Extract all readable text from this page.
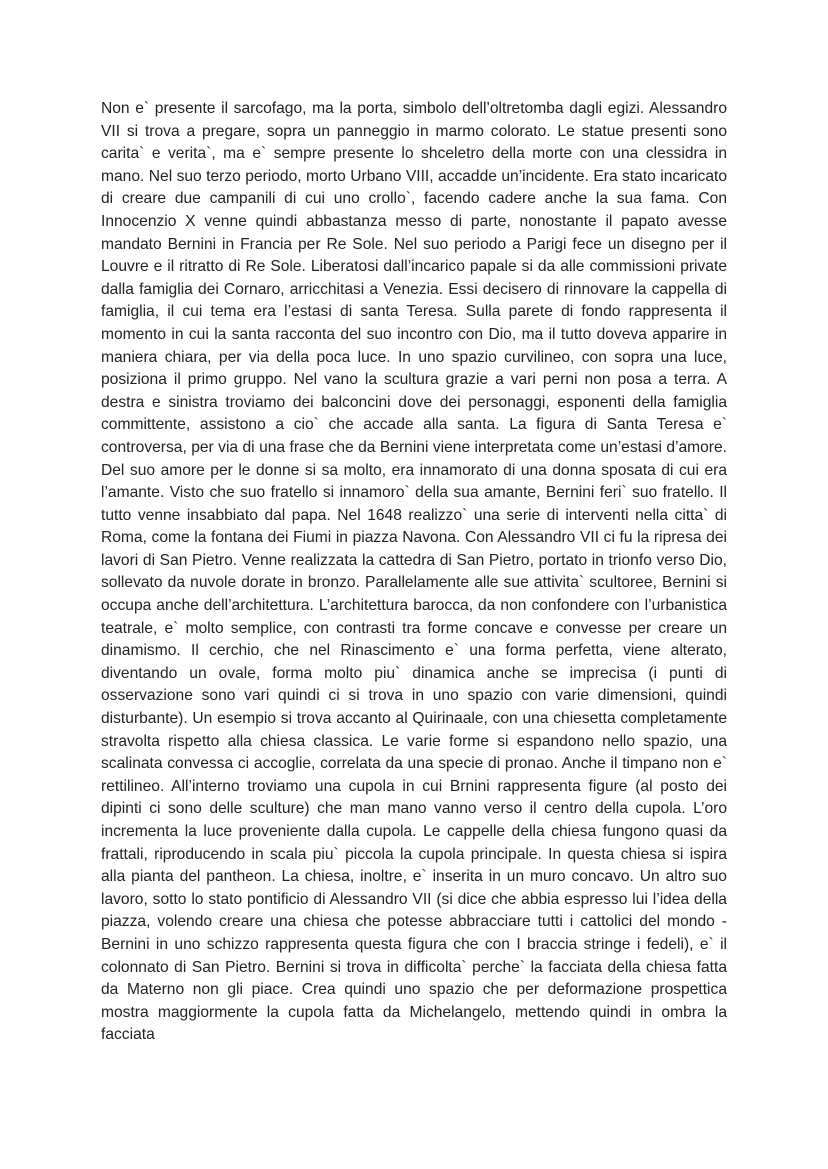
Non e` presente il sarcofago, ma la porta, simbolo dell’oltretomba dagli egizi. Alessandro VII si trova a pregare, sopra un panneggio in marmo colorato. Le statue presenti sono carita` e verita`, ma e` sempre presente lo shceletro della morte con una clessidra in mano. Nel suo terzo periodo, morto Urbano VIII, accadde un’incidente. Era stato incaricato di creare due campanili di cui uno crollo`, facendo cadere anche la sua fama. Con Innocenzio X venne quindi abbastanza messo di parte, nonostante il papato avesse mandato Bernini in Francia per Re Sole. Nel suo periodo a Parigi fece un disegno per il Louvre e il ritratto di Re Sole. Liberatosi dall’incarico papale si da alle commissioni private dalla famiglia dei Cornaro, arricchitasi a Venezia. Essi decisero di rinnovare la cappella di famiglia, il cui tema era l’estasi di santa Teresa. Sulla parete di fondo rappresenta il momento in cui la santa racconta del suo incontro con Dio, ma il tutto doveva apparire in maniera chiara, per via della poca luce. In uno spazio curvilineo, con sopra una luce, posiziona il primo gruppo. Nel vano la scultura grazie a vari perni non posa a terra. A destra e sinistra troviamo dei balconcini dove dei personaggi, esponenti della famiglia committente, assistono a cio` che accade alla santa. La figura di Santa Teresa e` controversa, per via di una frase che da Bernini viene interpretata come un’estasi d’amore. Del suo amore per le donne si sa molto, era innamorato di una donna sposata di cui era l’amante. Visto che suo fratello si innamoro` della sua amante, Bernini feri` suo fratello. Il tutto venne insabbiato dal papa. Nel 1648 realizzo` una serie di interventi nella citta` di Roma, come la fontana dei Fiumi in piazza Navona. Con Alessandro VII ci fu la ripresa dei lavori di San Pietro. Venne realizzata la cattedra di San Pietro, portato in trionfo verso Dio, sollevato da nuvole dorate in bronzo. Parallelamente alle sue attivita` scultoree, Bernini si occupa anche dell’architettura. L’architettura barocca, da non confondere con l’urbanistica teatrale, e` molto semplice, con contrasti tra forme concave e convesse per creare un dinamismo. Il cerchio, che nel Rinascimento e` una forma perfetta, viene alterato, diventando un ovale, forma molto piu` dinamica anche se imprecisa (i punti di osservazione sono vari quindi ci si trova in uno spazio con varie dimensioni, quindi disturbante). Un esempio si trova accanto al Quirinaale, con una chiesetta completamente stravolta rispetto alla chiesa classica. Le varie forme si espandono nello spazio, una scalinata convessa ci accoglie, correlata da una specie di pronao. Anche il timpano non e` rettilineo. All’interno troviamo una cupola in cui Brnini rappresenta figure (al posto dei dipinti ci sono delle sculture) che man mano vanno verso il centro della cupola. L’oro incrementa la luce proveniente dalla cupola. Le cappelle della chiesa fungono quasi da frattali, riproducendo in scala piu` piccola la cupola principale. In questa chiesa si ispira alla pianta del pantheon. La chiesa, inoltre, e` inserita in un muro concavo. Un altro suo lavoro, sotto lo stato pontificio di Alessandro VII (si dice che abbia espresso lui l’idea della piazza, volendo creare una chiesa che potesse abbracciare tutti i cattolici del mondo - Bernini in uno schizzo rappresenta questa figura che con I braccia stringe i fedeli), e` il colonnato di San Pietro. Bernini si trova in difficolta` perche` la facciata della chiesa fatta da Materno non gli piace. Crea quindi uno spazio che per deformazione prospettica mostra maggiormente la cupola fatta da Michelangelo, mettendo quindi in ombra la facciata
